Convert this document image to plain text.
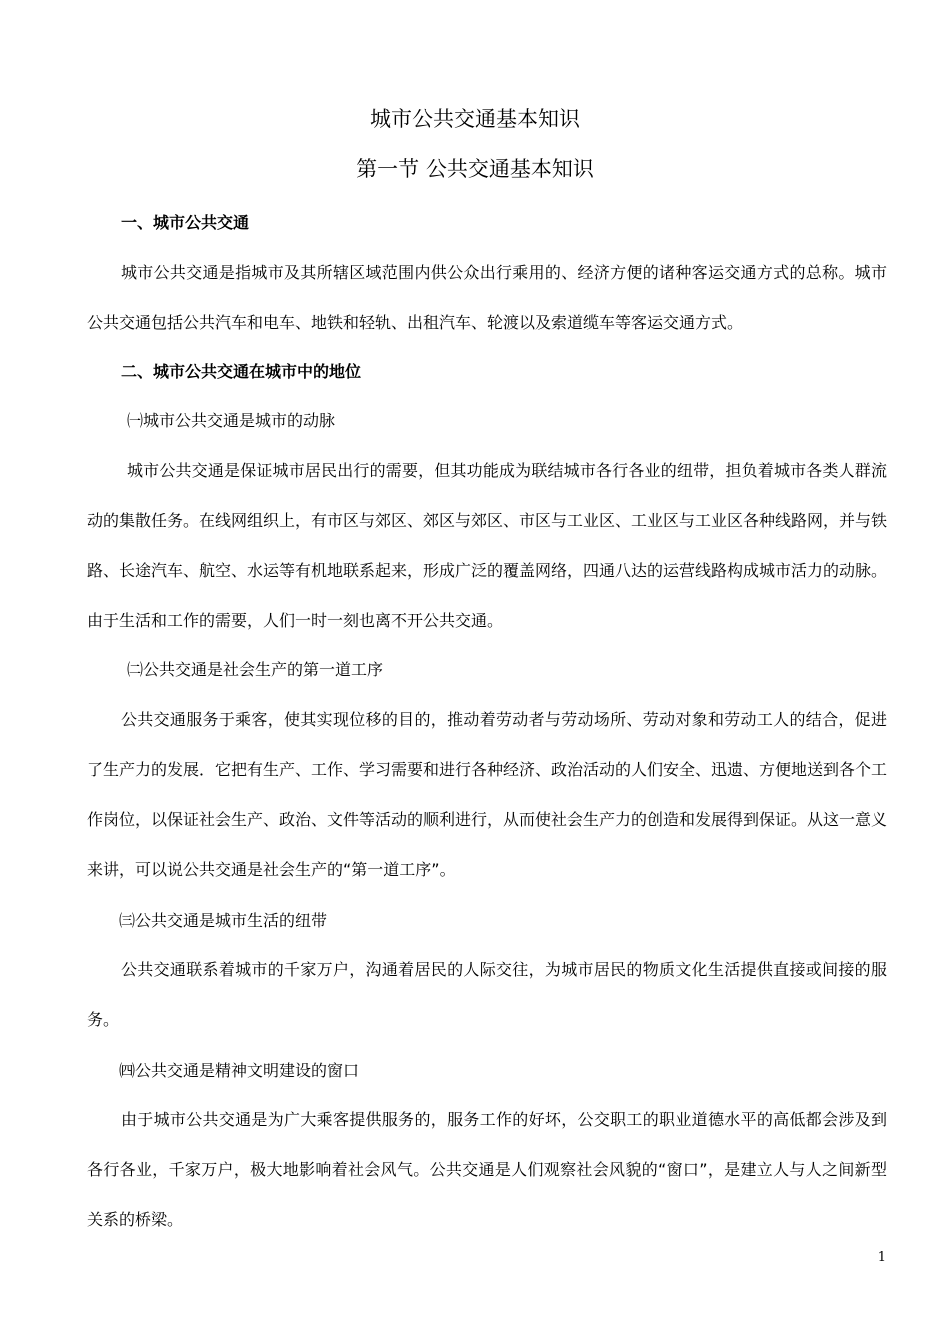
城市公共交通基本知识
第一节 公共交通基本知识
一、城市公共交通
城市公共交通是指城市及其所辖区域范围内供公众出行乘用的、经济方便的诸种客运交通方式的总称。城市公共交通包括公共汽车和电车、地铁和轻轨、出租汽车、轮渡以及索道缆车等客运交通方式。
二、城市公共交通在城市中的地位
㈠城市公共交通是城市的动脉
城市公共交通是保证城市居民出行的需要，但其功能成为联结城市各行各业的纽带，担负着城市各类人群流动的集散任务。在线网组织上，有市区与郊区、郊区与郊区、市区与工业区、工业区与工业区各种线路网，并与铁路、长途汽车、航空、水运等有机地联系起来，形成广泛的覆盖网络，四通八达的运营线路构成城市活力的动脉。由于生活和工作的需要，人们一时一刻也离不开公共交通。
㈡公共交通是社会生产的第一道工序
公共交通服务于乘客，使其实现位移的目的，推动着劳动者与劳动场所、劳动对象和劳动工人的结合，促进了生产力的发展．它把有生产、工作、学习需要和进行各种经济、政治活动的人们安全、迅遗、方便地送到各个工作岗位，以保证社会生产、政治、文件等活动的顺利进行，从而使社会生产力的创造和发展得到保证。从这一意义来讲，可以说公共交通是社会生产的“第一道工序”。
㈢公共交通是城市生活的纽带
公共交通联系着城市的千家万户，沟通着居民的人际交往，为城市居民的物质文化生活提供直接或间接的服务。
㈣公共交通是精神文明建设的窗口
由于城市公共交通是为广大乘客提供服务的，服务工作的好坏，公交职工的职业道德水平的高低都会涉及到各行各业，千家万户，极大地影响着社会风气。公共交通是人们观察社会风貌的“窗口”，是建立人与人之间新型关系的桥梁。
1
